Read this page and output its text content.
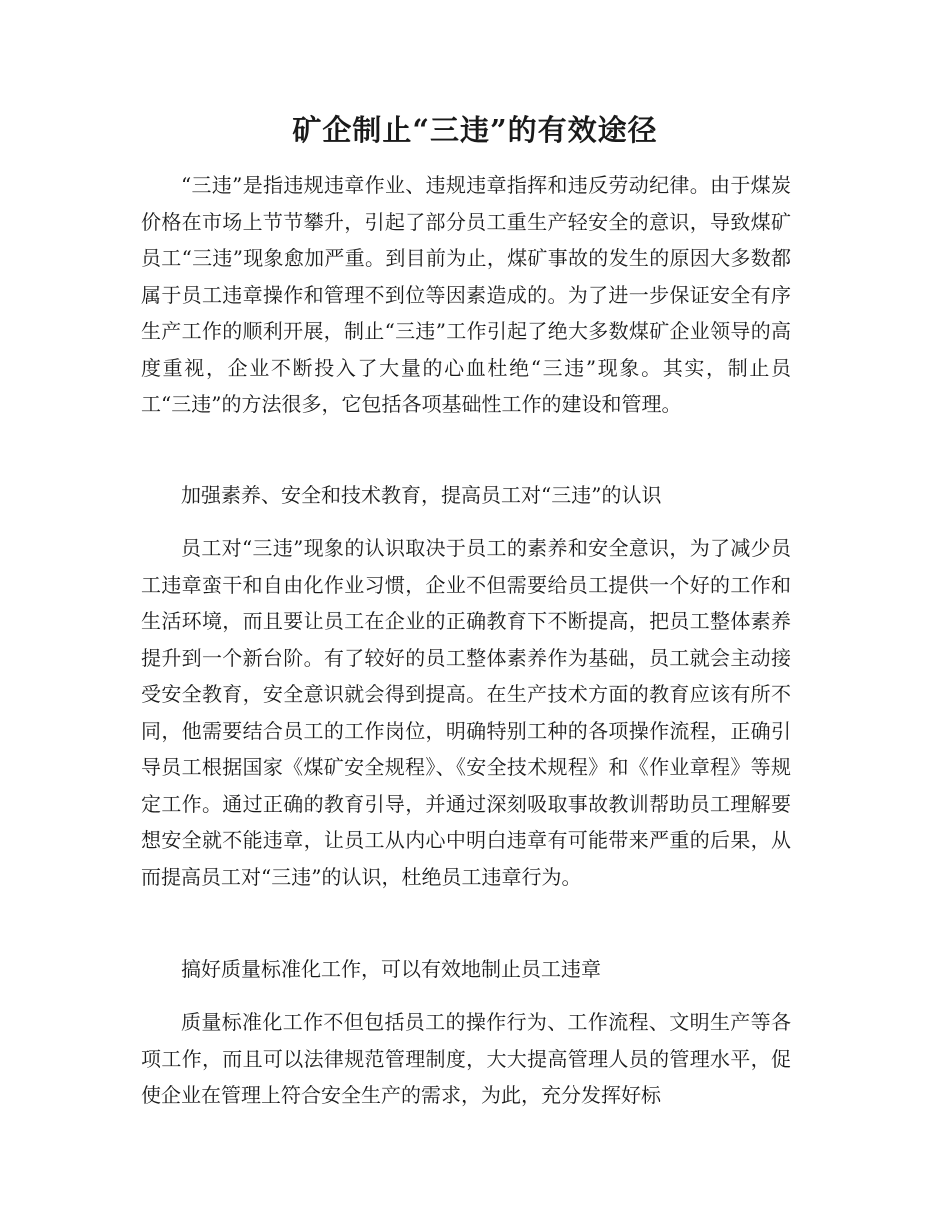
矿企制止“三违”的有效途径

“三违”是指违规违章作业、违规违章指挥和违反劳动纪律。由于煤炭价格在市场上节节攀升，引起了部分员工重生产轻安全的意识，导致煤矿员工“三违”现象愈加严重。到目前为止，煤矿事故的发生的原因大多数都属于员工违章操作和管理不到位等因素造成的。为了进一步保证安全有序生产工作的顺利开展，制止“三违”工作引起了绝大多数煤矿企业领导的高度重视，企业不断投入了大量的心血杜绝“三违”现象。其实，制止员工“三违”的方法很多，它包括各项基础性工作的建设和管理。

加强素养、安全和技术教育，提高员工对“三违”的认识

员工对“三违”现象的认识取决于员工的素养和安全意识，为了减少员工违章蛮干和自由化作业习惯，企业不但需要给员工提供一个好的工作和生活环境，而且要让员工在企业的正确教育下不断提高，把员工整体素养提升到一个新台阶。有了较好的员工整体素养作为基础，员工就会主动接受安全教育，安全意识就会得到提高。在生产技术方面的教育应该有所不同，他需要结合员工的工作岗位，明确特别工种的各项操作流程，正确引导员工根据国家《煤矿安全规程》、《安全技术规程》和《作业章程》等规定工作。通过正确的教育引导，并通过深刻吸取事故教训帮助员工理解要想安全就不能违章，让员工从内心中明白违章有可能带来严重的后果，从而提高员工对“三违”的认识，杜绝员工违章行为。

搞好质量标准化工作，可以有效地制止员工违章

质量标准化工作不但包括员工的操作行为、工作流程、文明生产等各项工作，而且可以法律规范管理制度，大大提高管理人员的管理水平，促使企业在管理上符合安全生产的需求，为此，充分发挥好标
